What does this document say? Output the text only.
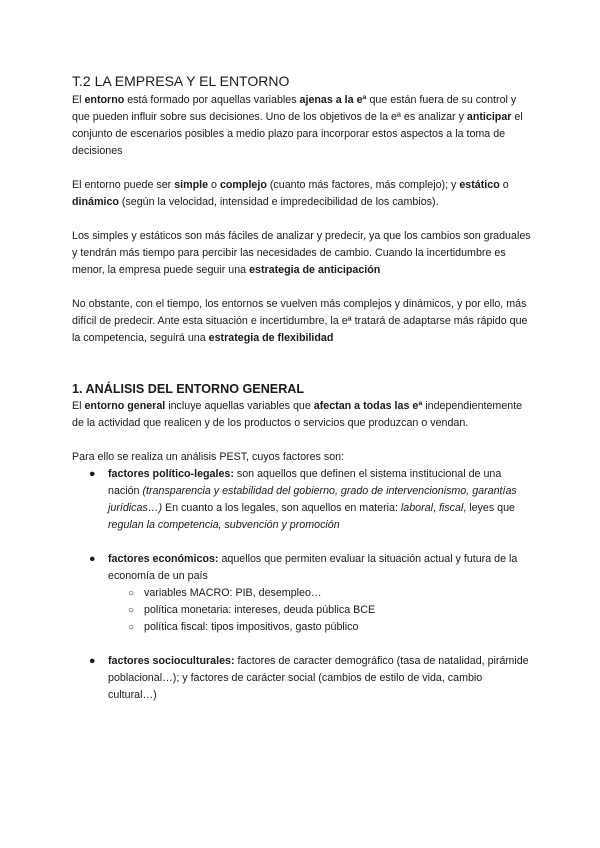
T.2 LA EMPRESA Y EL ENTORNO

El entorno está formado por aquellas variables ajenas a la eª que están fuera de su control y que pueden influir sobre sus decisiones. Uno de los objetivos de la eª es analizar y anticipar el conjunto de escenarios posibles a medio plazo para incorporar estos aspectos a la toma de decisiones

El entorno puede ser simple o complejo (cuanto más factores, más complejo); y estático o dinámico (según la velocidad, intensidad e impredecibilidad de los cambios).

Los simples y estáticos son más fáciles de analizar y predecir, ya que los cambios son graduales y tendrán más tiempo para percibir las necesidades de cambio. Cuando la incertidumbre es menor, la empresa puede seguir una estrategia de anticipación

No obstante, con el tiempo, los entornos se vuelven más complejos y dinámicos, y por ello, más difícil de predecir. Ante esta situación e incertidumbre, la eª tratará de adaptarse más rápido que la competencia, seguirá una estrategia de flexibilidad

1. ANÁLISIS DEL ENTORNO GENERAL

El entorno general incluye aquellas variables que afectan a todas las eª independientemente de la actividad que realicen y de los productos o servicios que produzcan o vendan.

Para ello se realiza un análisis PEST, cuyos factores son:

● factores político-legales: son aquellos que definen el sistema institucional de una nación (transparencia y estabilidad del gobierno, grado de intervencionismo, garantías jurídicas…) En cuanto a los legales, son aquellos en materia: laboral, fiscal, leyes que regulan la competencia, subvención y promoción
● factores económicos: aquellos que permiten evaluar la situación actual y futura de la economía de un país
○ variables MACRO: PIB, desempleo…
○ política monetaria: intereses, deuda pública BCE
○ política fiscal: tipos impositivos, gasto público
● factores socioculturales: factores de caracter demográfico (tasa de natalidad, pirámide poblacional…); y factores de carácter social (cambios de estilo de vida, cambio cultural…)
